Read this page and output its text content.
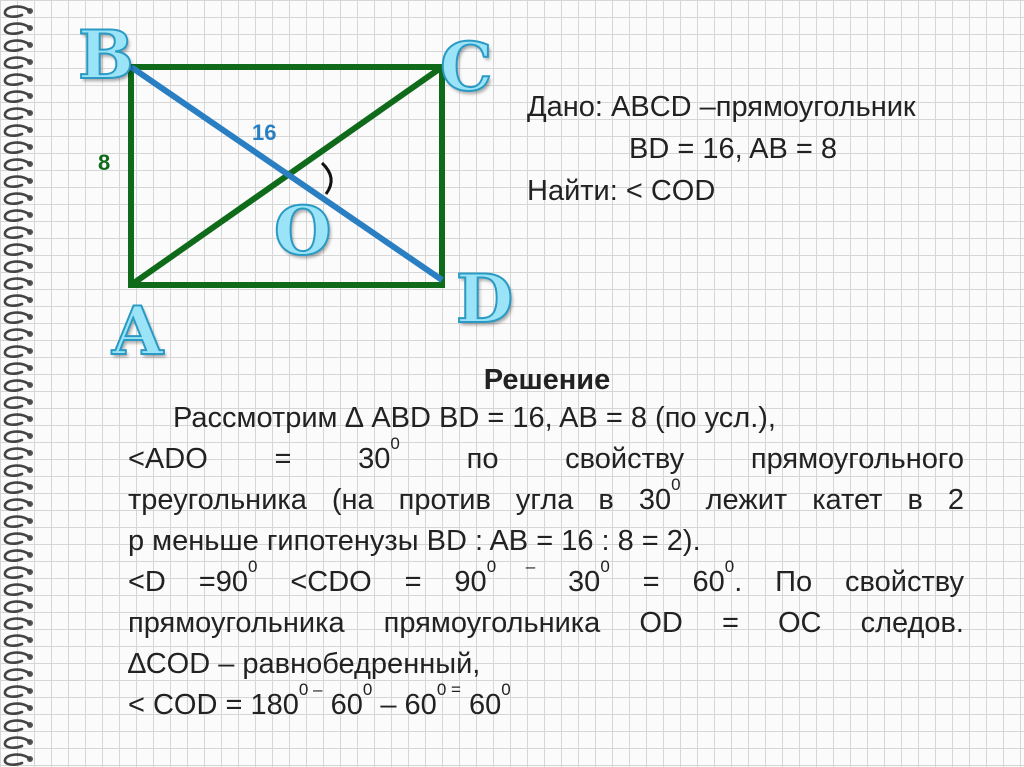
B	C
A	D
O
8
16
Дано: ABCD –прямоугольник
BD = 16, AB = 8
Найти: < COD
Решение

Рассмотрим ∆ ABD BD = 16, AB = 8 (по усл.),

$<ADO = 30^0$ по свойству прямоугольного

треугольника (на против угла в $30^0$ лежит катет в 2

р меньше гипотенузы BD : AB = 16 : 8 = 2).

$<D =90^0 <CDO = 90^{0 -}$ $30^0 = 60^0$. По свойству

прямоугольника прямоугольника OD = OC следов.

∆COD – равнобедренный,

< COD = $180^{0 -}$ $60^0 - 60^{0 =}$ $60^0$
